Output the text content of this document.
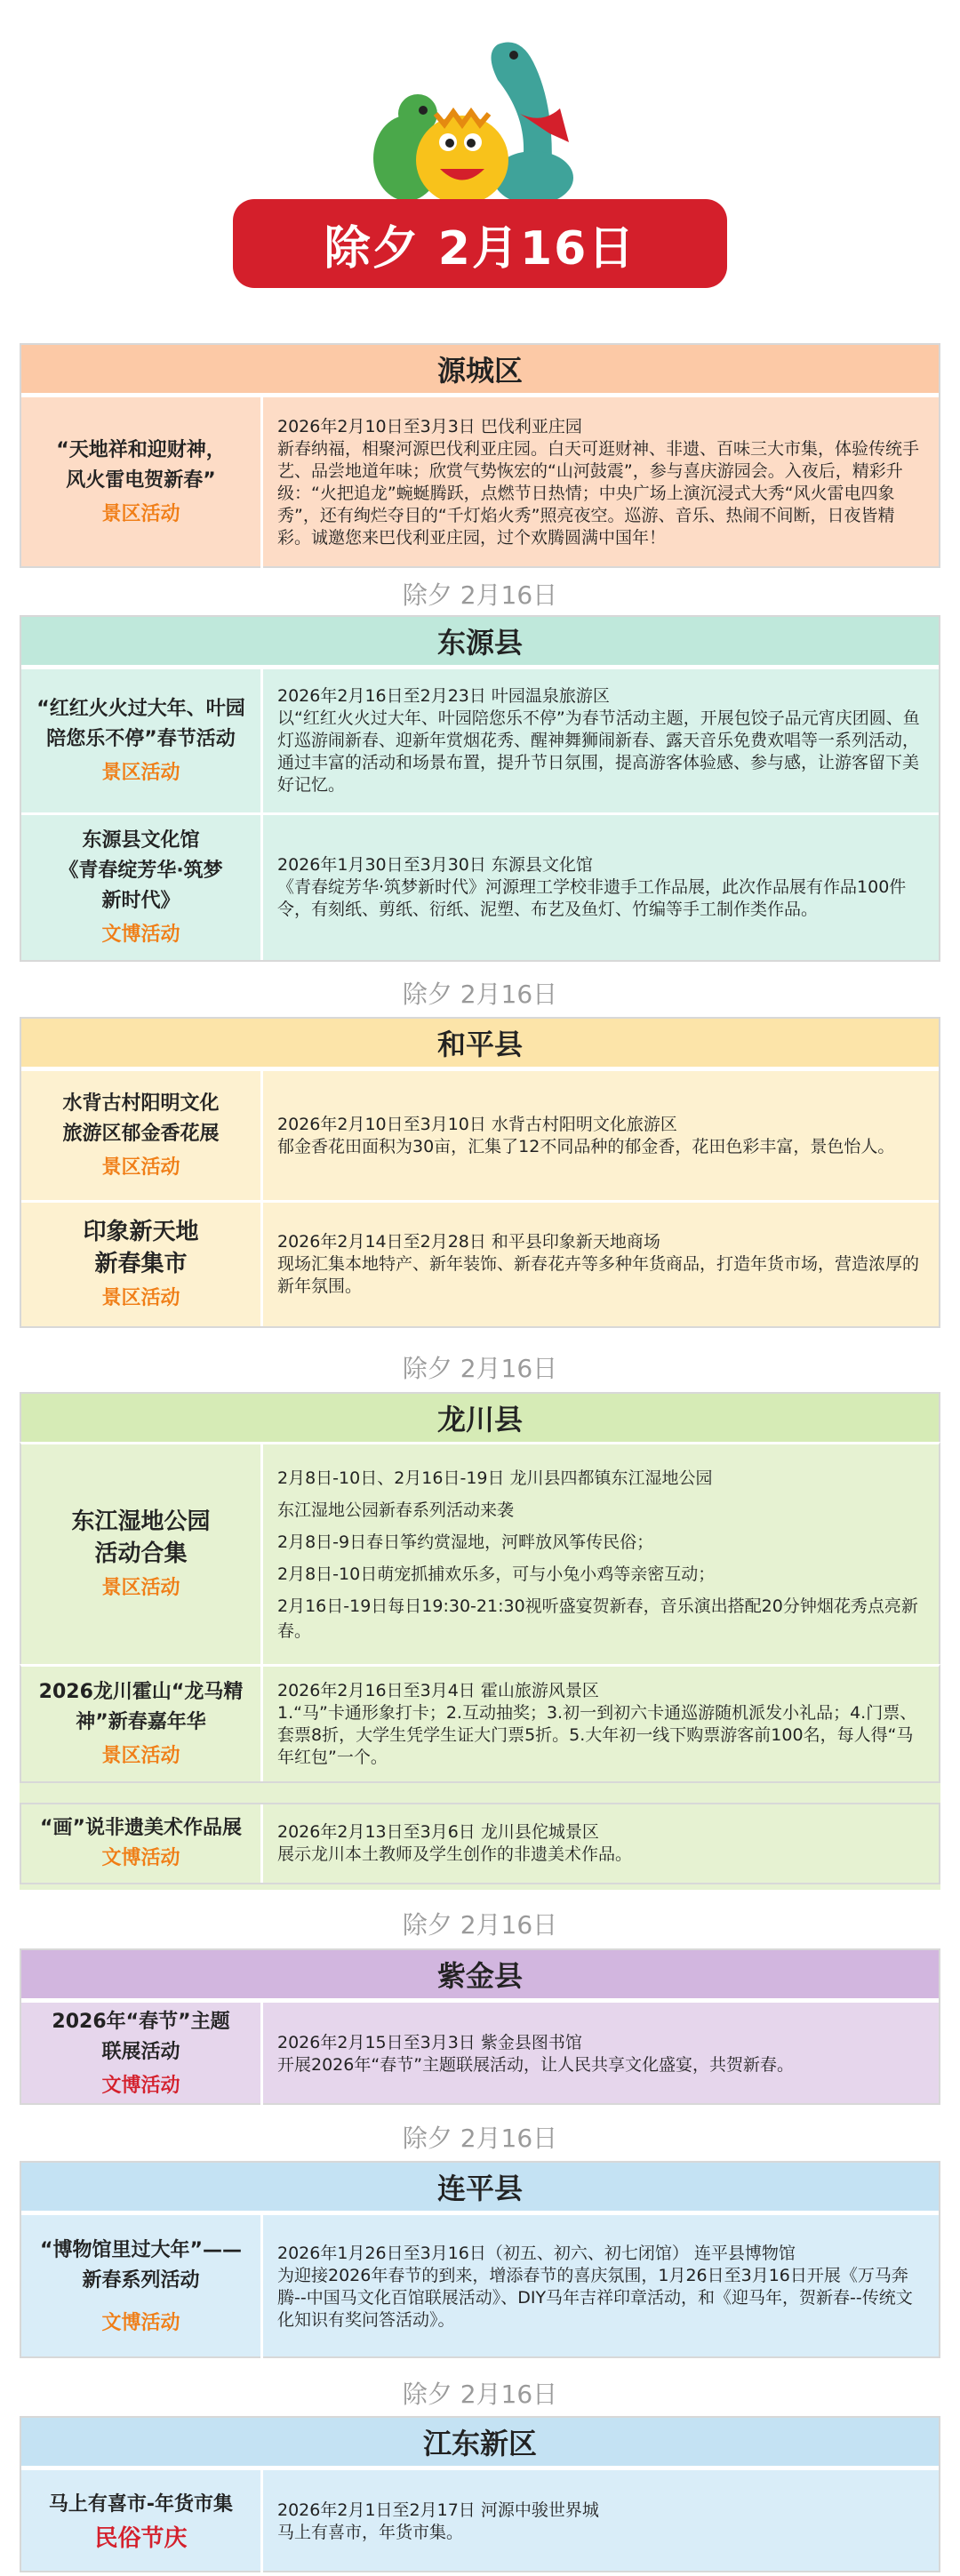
除夕 2月16日
源城区
“天地祥和迎财神，
风火雷电贺新春”
景区活动

2026年2月10日至3月3日 巴伐利亚庄园

新春纳福，相聚河源巴伐利亚庄园。白天可逛财神、非遗、百味三大市集，体验传统手艺、品尝地道年味；欣赏气势恢宏的“山河鼓震”，参与喜庆游园会。入夜后，精彩升级：“火把追龙”蜿蜒腾跃，点燃节日热情；中央广场上演沉浸式大秀“风火雷电四象秀”，还有绚烂夺目的“千灯焰火秀”照亮夜空。巡游、音乐、热闹不间断，日夜皆精彩。诚邀您来巴伐利亚庄园，过个欢腾圆满中国年！

除夕 2月16日
东源县
“红红火火过大年、叶园
陪您乐不停”春节活动
景区活动

2026年2月16日至2月23日 叶园温泉旅游区

以“红红火火过大年、叶园陪您乐不停”为春节活动主题，开展包饺子品元宵庆团圆、鱼灯巡游闹新春、迎新年赏烟花秀、醒神舞狮闹新春、露天音乐免费欢唱等一系列活动，通过丰富的活动和场景布置，提升节日氛围，提高游客体验感、参与感，让游客留下美好记忆。

东源县文化馆
《青春绽芳华·筑梦
新时代》
文博活动

2026年1月30日至3月30日 东源县文化馆

《青春绽芳华·筑梦新时代》河源理工学校非遗手工作品展，此次作品展有作品100件令，有刻纸、剪纸、衍纸、泥塑、布艺及鱼灯、竹编等手工制作类作品。

除夕 2月16日
和平县
水背古村阳明文化
旅游区郁金香花展
景区活动

2026年2月10日至3月10日 水背古村阳明文化旅游区

郁金香花田面积为30亩，汇集了12不同品种的郁金香，花田色彩丰富，景色怡人。

印象新天地
新春集市
景区活动

2026年2月14日至2月28日 和平县印象新天地商场

现场汇集本地特产、新年装饰、新春花卉等多种年货商品，打造年货市场，营造浓厚的新年氛围。

除夕 2月16日
龙川县
东江湿地公园
活动合集
景区活动

2月8日-10日、2月16日-19日 龙川县四都镇东江湿地公园

东江湿地公园新春系列活动来袭

2月8日-9日春日筝约赏湿地，河畔放风筝传民俗；

2月8日-10日萌宠抓捕欢乐多，可与小兔小鸡等亲密互动；

2月16日-19日每日19:30-21:30视听盛宴贺新春，音乐演出搭配20分钟烟花秀点亮新春。

2026龙川霍山“龙马精
神”新春嘉年华
景区活动

2026年2月16日至3月4日 霍山旅游风景区

1.“马”卡通形象打卡；2.互动抽奖；3.初一到初六卡通巡游随机派发小礼品；4.门票、套票8折，大学生凭学生证大门票5折。5.大年初一线下购票游客前100名，每人得“马年红包”一个。

“画”说非遗美术作品展
文博活动

2026年2月13日至3月6日 龙川县佗城景区

展示龙川本土教师及学生创作的非遗美术作品。

除夕 2月16日
紫金县
2026年“春节”主题
联展活动
文博活动

2026年2月15日至3月3日 紫金县图书馆

开展2026年“春节”主题联展活动，让人民共享文化盛宴，共贺新春。

除夕 2月16日
连平县
“博物馆里过大年”——
新春系列活动
文博活动

2026年1月26日至3月16日（初五、初六、初七闭馆） 连平县博物馆

为迎接2026年春节的到来，增添春节的喜庆氛围，1月26日至3月16日开展《万马奔腾--中国马文化百馆联展活动》、DIY马年吉祥印章活动，和《迎马年，贺新春--传统文化知识有奖问答活动》。

除夕 2月16日
江东新区
马上有喜市-年货市集
民俗节庆

2026年2月1日至2月17日 河源中骏世界城

马上有喜市，年货市集。
